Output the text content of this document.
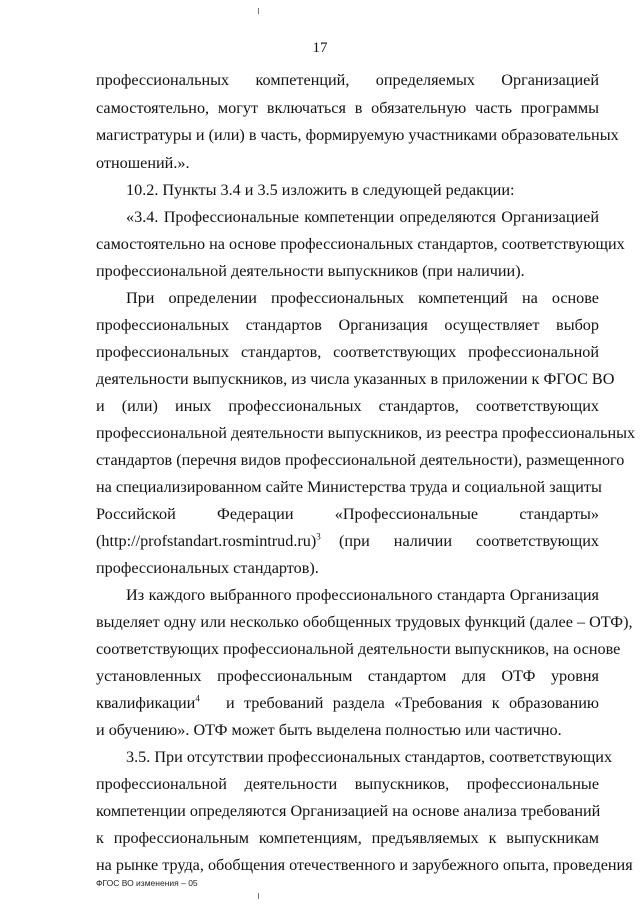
17
профессиональных компетенций, определяемых Организацией
самостоятельно, могут включаться в обязательную часть программы
магистратуры и (или) в часть, формируемую участниками образовательных
отношений.».
10.2. Пункты 3.4 и 3.5 изложить в следующей редакции:
«3.4. Профессиональные компетенции определяются Организацией
самостоятельно на основе профессиональных стандартов, соответствующих
профессиональной деятельности выпускников (при наличии).
При определении профессиональных компетенций на основе
профессиональных стандартов Организация осуществляет выбор
профессиональных стандартов, соответствующих профессиональной
деятельности выпускников, из числа указанных в приложении к ФГОС ВО
и (или) иных профессиональных стандартов, соответствующих
профессиональной деятельности выпускников, из реестра профессиональных
стандартов (перечня видов профессиональной деятельности), размещенного
на специализированном сайте Министерства труда и социальной защиты
Российской Федерации «Профессиональные стандарты»
(http://profstandart.rosmintrud.ru)$^3$ (при наличии соответствующих
профессиональных стандартов).
Из каждого выбранного профессионального стандарта Организация
выделяет одну или несколько обобщенных трудовых функций (далее – ОТФ),
соответствующих профессиональной деятельности выпускников, на основе
установленных профессиональным стандартом для ОТФ уровня
квалификации$^4$ и требований раздела «Требования к образованию
и обучению». ОТФ может быть выделена полностью или частично.
3.5. При отсутствии профессиональных стандартов, соответствующих
профессиональной деятельности выпускников, профессиональные
компетенции определяются Организацией на основе анализа требований
к профессиональным компетенциям, предъявляемых к выпускникам
на рынке труда, обобщения отечественного и зарубежного опыта, проведения
ФГОС ВО изменения – 05
